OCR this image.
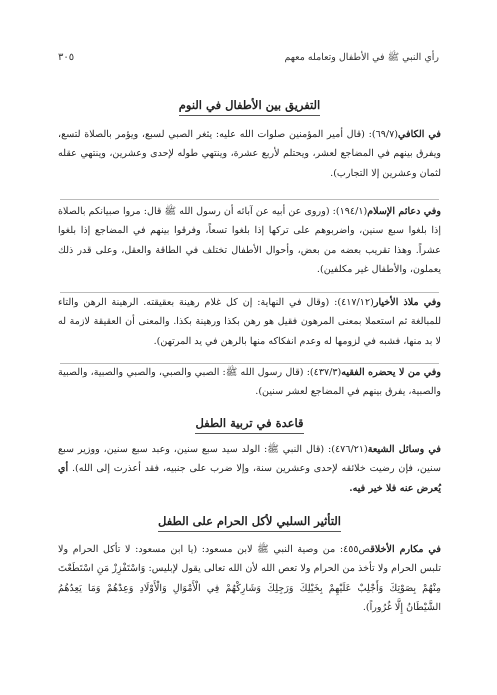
رأي النبي ﷺ في الأطفال وتعامله معهم
٣٠٥
التفريق بين الأطفال في النوم

في الكافي(٦٩/٧): (قال أمير المؤمنين صلوات الله عليه: يثغر الصبي لسبع، ويؤمر بالصلاة لتسع، ويفرق بينهم في المضاجع لعشر، ويحتلم لأربع عشرة، وينتهي طوله لإحدى وعشرين، وينتهي عقله لثمان وعشرين إلا التجارب).

وفي دعائم الإسلام(١٩٤/١): (وروى عن أبيه عن آبائه أن رسول الله ﷺ قال: مروا صبيانكم بالصلاة إذا بلغوا سبع سنين، واضربوهم على تركها إذا بلغوا تسعاً، وفرقوا بينهم في المضاجع إذا بلغوا عشراً. وهذا تقريب بعضه من بعض، وأحوال الأطفال تختلف في الطاقة والعقل، وعلى قدر ذلك يعملون، والأطفال غير مكلفين).

وفي ملاذ الأخيار(٤١٧/١٢): (وقال في النهاية: إن كل غلام رهينة بعقيقته. الرهينة الرهن والتاء للمبالغة ثم استعملا بمعنى المرهون فقيل هو رهن بكذا ورهينة بكذا. والمعنى أن العقيقة لازمة له لا بد منها، فشبه في لزومها له وعدم انفكاكه منها بالرهن في يد المرتهن).

وفي من لا يحضره الفقيه(٤٣٧/٣): (قال رسول الله ﷺ: الصبي والصبي، والصبي والصبية، والصبية والصبية، يفرق بينهم في المضاجع لعشر سنين).

قاعدة في تربية الطفل

في وسائل الشيعة(٤٧٦/٢١): (قال النبي ﷺ: الولد سيد سبع سنين، وعبد سبع سنين، ووزير سبع سنين، فإن رضيت خلائقه لإحدى وعشرين سنة، وإلا ضرب على جنبيه، فقد أعذرت إلى الله). أي يُعرض عنه فلا خير فيه.

التأثير السلبي لأكل الحرام على الطفل

في مكارم الأخلاقص٤٥٥: من وصية النبي ﷺ لابن مسعود: (يا ابن مسعود: لا تأكل الحرام ولا تلبس الحرام ولا تأخذ من الحرام ولا تعص الله لأن الله تعالى يقول لإبليس: وَاسْتَفْزِزْ مَنِ اسْتَطَعْتَ مِنْهُمْ بِصَوْتِكَ وَأَجْلِبْ عَلَيْهِمْ بِخَيْلِكَ وَرَجِلِكَ وَشَارِكْهُمْ فِي الْأَمْوَالِ وَالْأَوْلَادِ وَعِدْهُمْ وَمَا يَعِدُهُمُ الشَّيْطَانُ إِلَّا غُرُوراً).
